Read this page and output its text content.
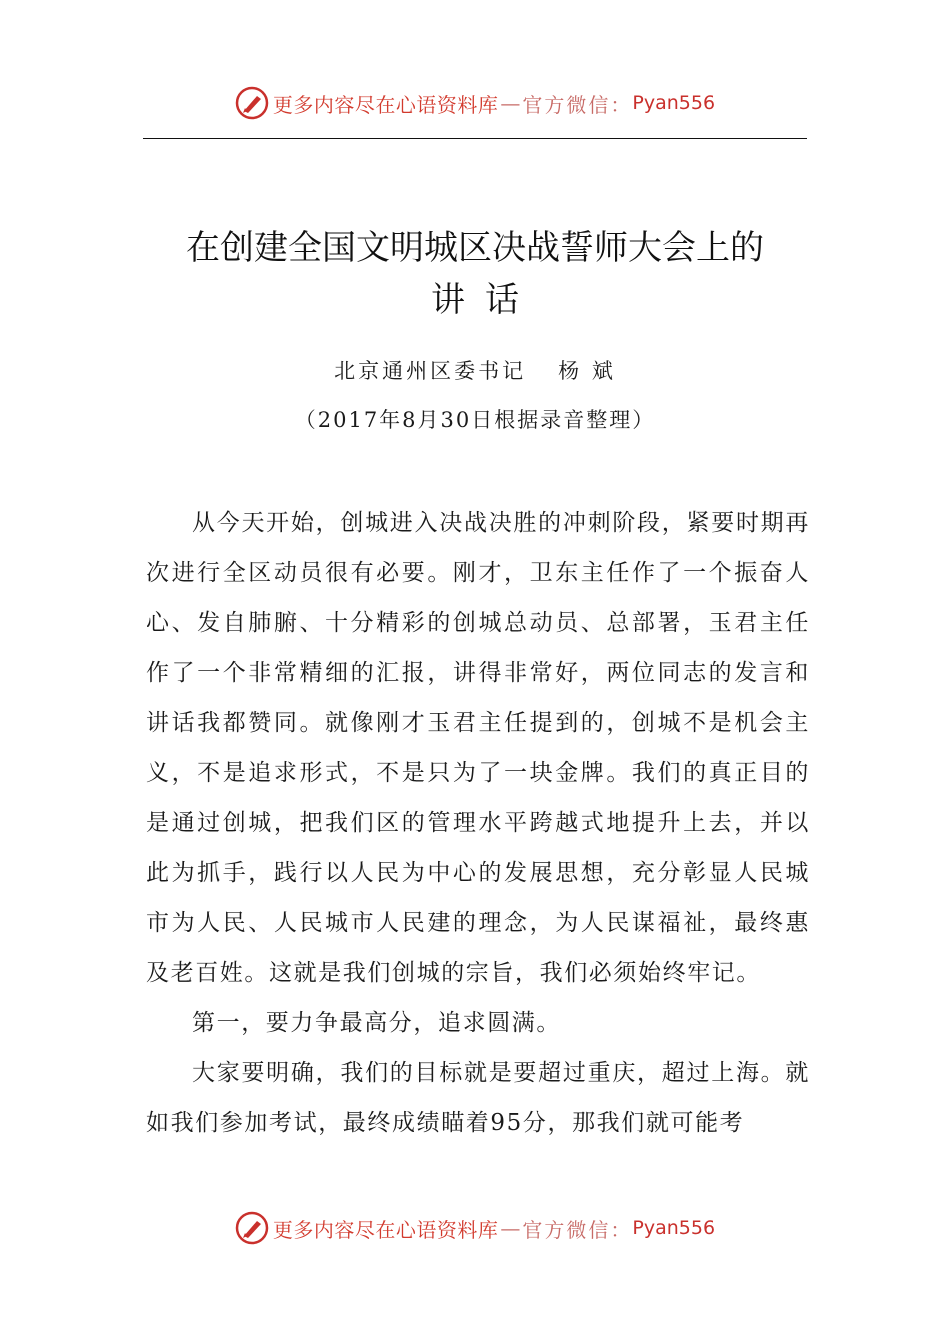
更多内容尽在心语资料库 — 官方微信： Pyan556
在创建全国文明城区决战誓师大会上的
讲话
北京通州区委书记 杨 斌
（2017年8月30日根据录音整理）

从今天开始，创城进入决战决胜的冲刺阶段，紧要时期再次进行全区动员很有必要。刚才，卫东主任作了一个振奋人心、发自肺腑、十分精彩的创城总动员、总部署，玉君主任作了一个非常精细的汇报，讲得非常好，两位同志的发言和讲话我都赞同。就像刚才玉君主任提到的，创城不是机会主义，不是追求形式，不是只为了一块金牌。我们的真正目的是通过创城，把我们区的管理水平跨越式地提升上去，并以此为抓手，践行以人民为中心的发展思想，充分彰显人民城市为人民、人民城市人民建的理念，为人民谋福祉，最终惠及老百姓。这就是我们创城的宗旨，我们必须始终牢记。

第一，要力争最高分，追求圆满。

大家要明确，我们的目标就是要超过重庆，超过上海。就如我们参加考试，最终成绩瞄着95分，那我们就可能考

更多内容尽在心语资料库 — 官方微信： Pyan556
